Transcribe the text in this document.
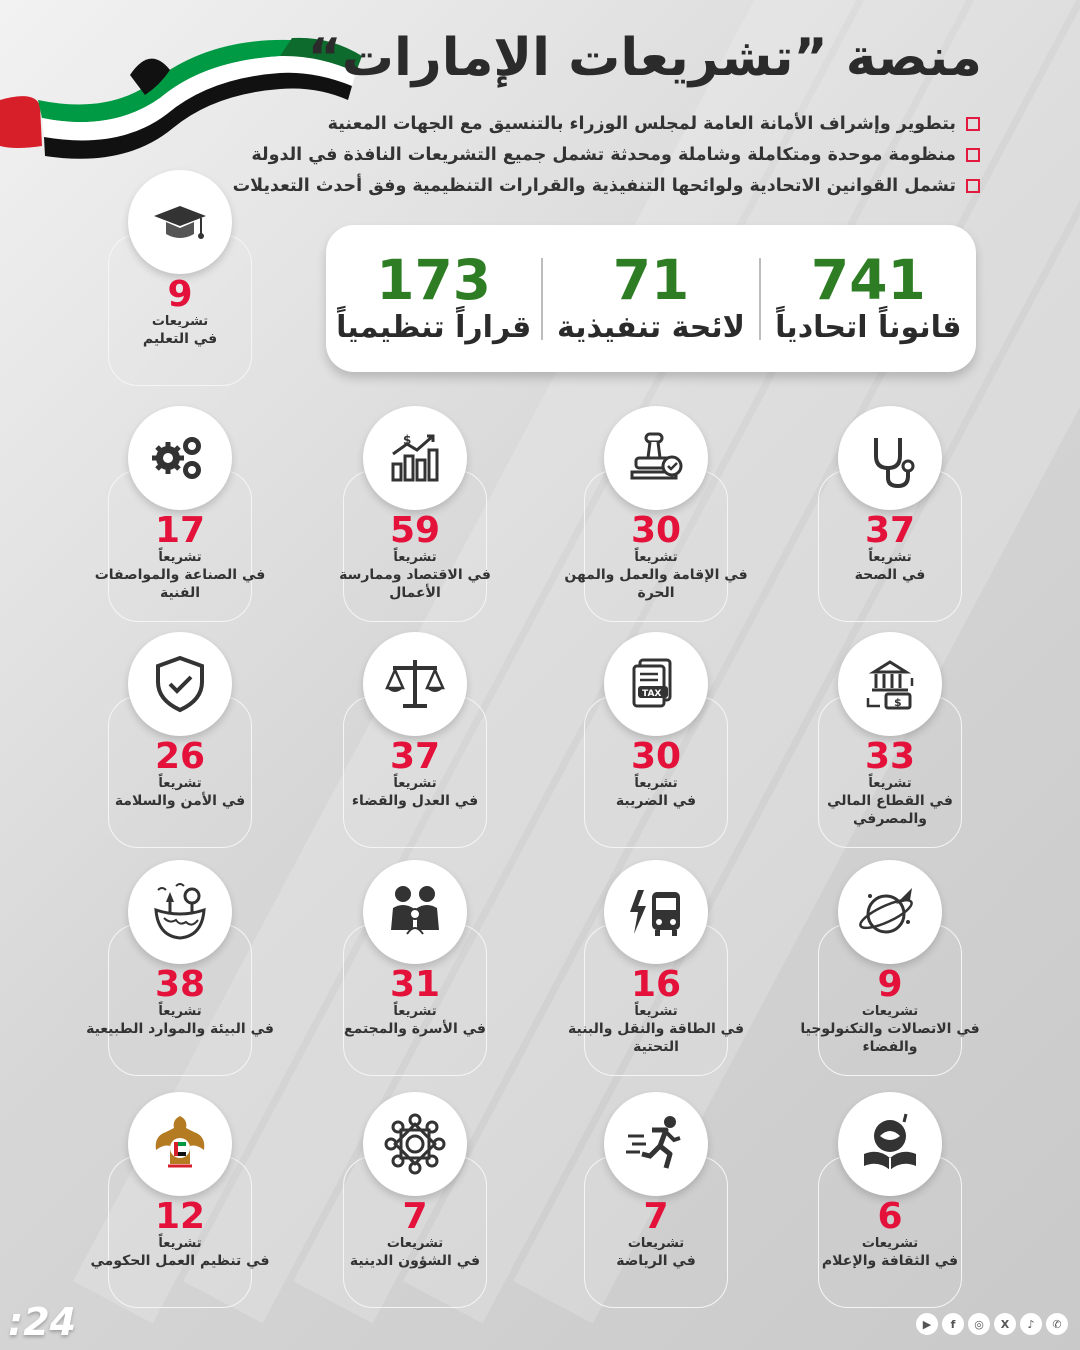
منصة ”تشريعات الإمارات“
بتطوير وإشراف الأمانة العامة لمجلس الوزراء بالتنسيق مع الجهات المعنية
منظومة موحدة ومتكاملة وشاملة ومحدثة تشمل جميع التشريعات النافذة في الدولة
تشمل القوانين الاتحادية ولوائحها التنفيذية والقرارات التنظيمية وفق أحدث التعديلات
741
قانوناً اتحادياً
71
لائحة تنفيذية
173
قراراً تنظيمياً
9
تشريعات
في التعليم
37
تشريعاً
في الصحة
30
تشريعاً
في الإقامة والعمل والمهن الحرة
$
59
تشريعاً
في الاقتصاد وممارسة الأعمال
17
تشريعاً
في الصناعة والمواصفات الفنية
$
33
تشريعاً
في القطاع المالي والمصرفي
TAX
30
تشريعاً
في الضريبة
37
تشريعاً
في العدل والقضاء
26
تشريعاً
في الأمن والسلامة
9
تشريعات
في الاتصالات والتكنولوجيا والفضاء
16
تشريعاً
في الطاقة والنقل والبنية التحتية
31
تشريعاً
في الأسرة والمجتمع
38
تشريعاً
في البيئة والموارد الطبيعية
6
تشريعات
في الثقافة والإعلام
7
تشريعات
في الرياضة
7
تشريعات
في الشؤون الدينية
12
تشريعاً
في تنظيم العمل الحكومي
:24	▶	f	◎	X	♪	✆
